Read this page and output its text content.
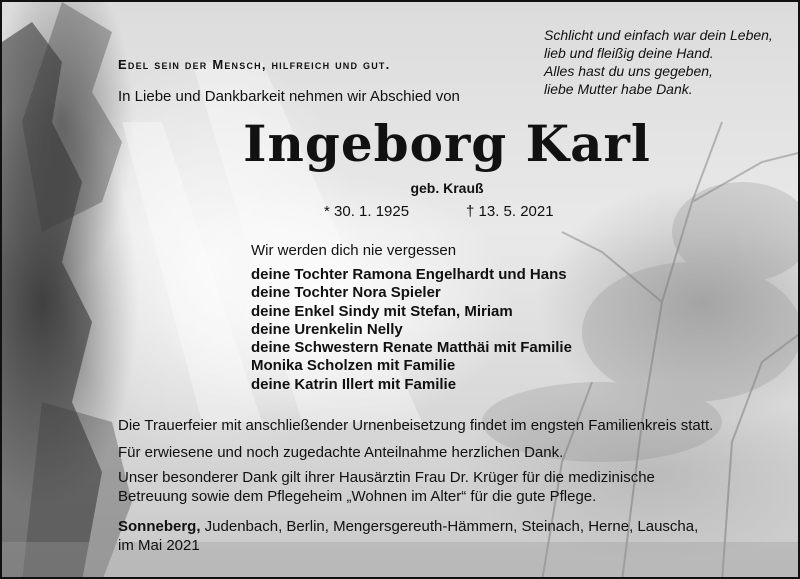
Edel sein der Mensch, hilfreich und gut.
In Liebe und Dankbarkeit nehmen wir Abschied von
Schlicht und einfach war dein Leben,
lieb und fleißig deine Hand.
Alles hast du uns gegeben,
liebe Mutter habe Dank.
Ingeborg Karl
geb. Krauß
* 30. 1. 1925	† 13. 5. 2021
Wir werden dich nie vergessen
deine Tochter Ramona Engelhardt und Hans
deine Tochter Nora Spieler
deine Enkel Sindy mit Stefan, Miriam
deine Urenkelin Nelly
deine Schwestern Renate Matthäi mit Familie
Monika Scholzen mit Familie
deine Katrin Illert mit Familie
Die Trauerfeier mit anschließender Urnenbeisetzung findet im engsten Familienkreis statt.
Für erwiesene und noch zugedachte Anteilnahme herzlichen Dank.
Unser besonderer Dank gilt ihrer Hausärztin Frau Dr. Krüger für die medizinische
Betreuung sowie dem Pflegeheim „Wohnen im Alter“ für die gute Pflege.
Sonneberg, Judenbach, Berlin, Mengersgereuth-Hämmern, Steinach, Herne, Lauscha,
im Mai 2021
